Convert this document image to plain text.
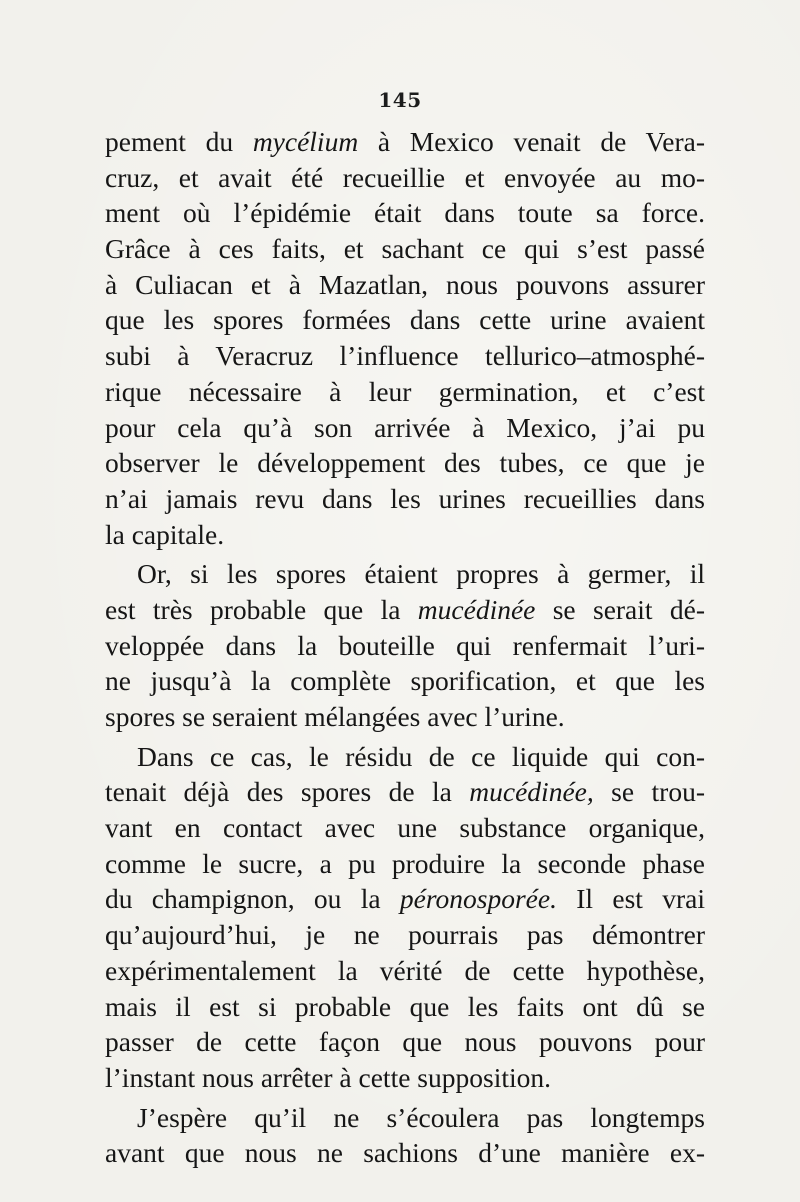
145
pement du mycélium à Mexico venait de Vera-
cruz, et avait été recueillie et envoyée au mo-
ment où l’épidémie était dans toute sa force.
Grâce à ces faits, et sachant ce qui s’est passé
à Culiacan et à Mazatlan, nous pouvons assurer
que les spores formées dans cette urine avaient
subi à Veracruz l’influence tellurico–atmosphé-
rique nécessaire à leur germination, et c’est
pour cela qu’à son arrivée à Mexico, j’ai pu
observer le développement des tubes, ce que je
n’ai jamais revu dans les urines recueillies dans
la capitale.
Or, si les spores étaient propres à germer, il
est très probable que la mucédinée se serait dé-
veloppée dans la bouteille qui renfermait l’uri-
ne jusqu’à la complète sporification, et que les
spores se seraient mélangées avec l’urine.
Dans ce cas, le résidu de ce liquide qui con-
tenait déjà des spores de la mucédinée, se trou-
vant en contact avec une substance organique,
comme le sucre, a pu produire la seconde phase
du champignon, ou la péronosporée. Il est vrai
qu’aujourd’hui, je ne pourrais pas démontrer
expérimentalement la vérité de cette hypothèse,
mais il est si probable que les faits ont dû se
passer de cette façon que nous pouvons pour
l’instant nous arrêter à cette supposition.
J’espère qu’il ne s’écoulera pas longtemps
avant que nous ne sachions d’une manière ex-
